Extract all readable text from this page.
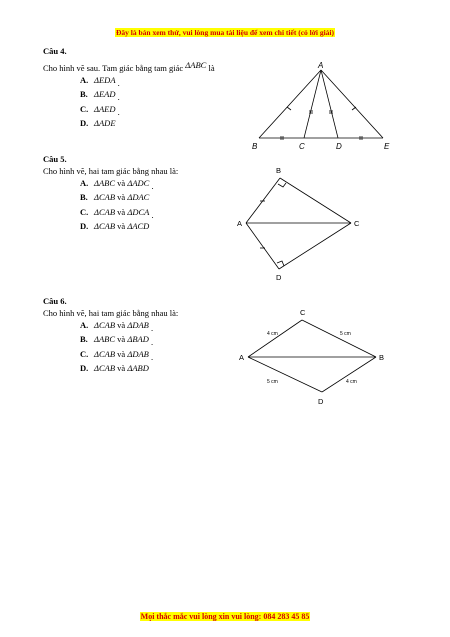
Đây là bản xem thử, vui lòng mua tài liệu để xem chi tiết (có lời giải)
Câu 4.
Cho hình vẽ sau. Tam giác bằng tam giác ΔABC là
A. ΔEDA .
B. ΔEAD .
C. ΔAED .
D. ΔADE
A
B	C	D	E
Câu 5.
Cho hình vẽ, hai tam giác bằng nhau là:
A. ΔABC và ΔADC .
B. ΔCAB và ΔDAC
C. ΔCAB và ΔDCA .
D. ΔCAB và ΔACD
B
A	C
D
Câu 6.
Cho hình vẽ, hai tam giác bằng nhau là:
A. ΔCAB và ΔDAB .
B. ΔABC và ΔBAD .
C. ΔCAB và ΔDAB .
D. ΔCAB và ΔABD
C
A	B
D
4 cm	5 cm
5 cm	4 cm
Mọi thắc mắc vui lòng xin vui lòng: 084 283 45 85
